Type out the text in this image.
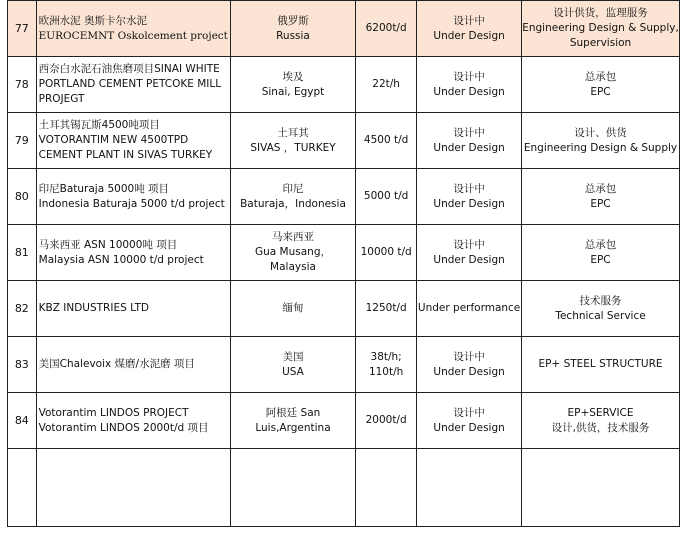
77	欧洲水泥 奥斯卡尔水泥
EUROCEMNT Oskolcement project	俄罗斯
Russia	6200t/d	设计中
Under Design	设计供货，监理服务
Engineering Design & Supply,
Supervision

78	西奈白水泥石油焦磨项目SINAI WHITE
PORTLAND CEMENT PETCOKE MILL
PROJEGT	埃及
Sinai, Egypt	22t/h	设计中
Under Design	总承包
EPC

79	土耳其锡瓦斯4500吨项目
VOTORANTIM NEW 4500TPD
CEMENT PLANT IN SIVAS TURKEY	土耳其
SIVAS ，TURKEY	4500 t/d	设计中
Under Design	设计、供货
Engineering Design & Supply

80	印尼Baturaja 5000吨 项目
Indonesia Baturaja 5000 t/d project	印尼
Baturaja，Indonesia	5000 t/d	设计中
Under Design	总承包
EPC

81	马来西亚 ASN 10000吨 项目
Malaysia ASN 10000 t/d project	马来西亚
Gua Musang，
Malaysia	10000 t/d	设计中
Under Design	总承包
EPC

82	KBZ INDUSTRIES LTD	缅甸	1250t/d	Under performance	技术服务
Technical Service

83	美国Chalevoix 煤磨/水泥磨 项目	美国
USA	38t/h; 110t/h	设计中
Under Design	EP+ STEEL STRUCTURE

84	Votorantim LINDOS PROJECT
Votorantim LINDOS 2000t/d 项目	阿根廷 San
Luis,Argentina	2000t/d	设计中
Under Design	EP+SERVICE
设计,供货，技术服务
